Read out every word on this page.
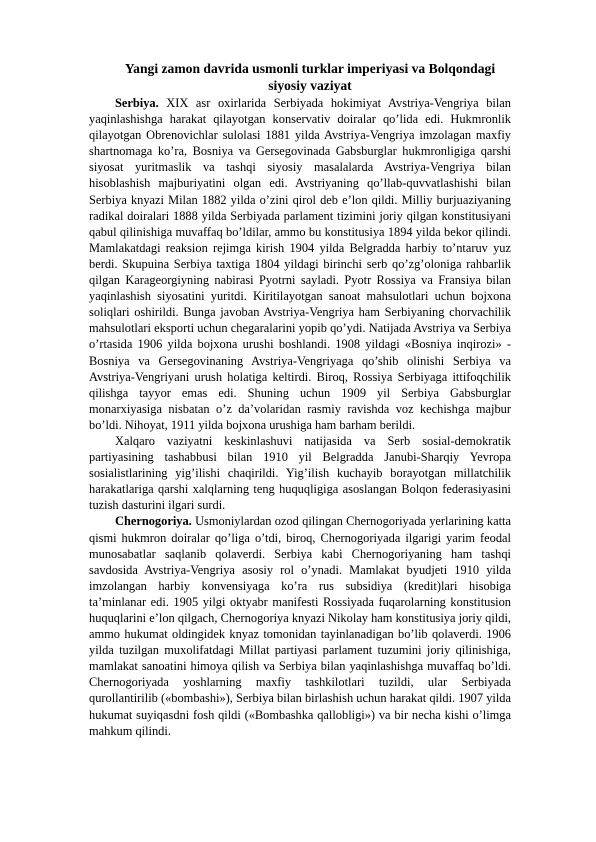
Yangi zamon davrida usmonli turklar imperiyasi va Bolqondagi siyosiy vaziyat

Serbiya. XIX asr oxirlarida Serbiyada hokimiyat Avstriya-Vengriya bilan yaqinlashishga harakat qilayotgan konservativ doiralar qo’lida edi. Hukmronlik qilayotgan Obrenovichlar sulolasi 1881 yilda Avstriya-Vengriya imzolagan maxfiy shartnomaga ko’ra, Bosniya va Gersegovinada Gabsburglar hukmronligiga qarshi siyosat yuritmaslik va tashqi siyosiy masalalarda Avstriya-Vengriya bilan hisoblashish majburiyatini olgan edi. Avstriyaning qo’llab-quvvatlashishi bilan Serbiya knyazi Milan 1882 yilda o’zini qirol deb e’lon qildi. Milliy burjuaziyaning radikal doiralari 1888 yilda Serbiyada parlament tizimini joriy qilgan konstitusiyani qabul qilinishiga muvaffaq bo’ldilar, ammo bu konstitusiya 1894 yilda bekor qilindi. Mamlakatdagi reaksion rejimga kirish 1904 yilda Belgradda harbiy to’ntaruv yuz berdi. Skupuina Serbiya taxtiga 1804 yildagi birinchi serb qo’zg’oloniga rahbarlik qilgan Karageorgiyning nabirasi Pyotrni sayladi. Pyotr Rossiya va Fransiya bilan yaqinlashish siyosatini yuritdi. Kiritilayotgan sanoat mahsulotlari uchun bojxona soliqlari oshirildi. Bunga javoban Avstriya-Vengriya ham Serbiyaning chorvachilik mahsulotlari eksporti uchun chegaralarini yopib qo’ydi. Natijada Avstriya va Serbiya o’rtasida 1906 yilda bojxona urushi boshlandi. 1908 yildagi «Bosniya inqirozi» - Bosniya va Gersegovinaning Avstriya-Vengriyaga qo’shib olinishi Serbiya va Avstriya-Vengriyani urush holatiga keltirdi. Biroq, Rossiya Serbiyaga ittifoqchilik qilishga tayyor emas edi. Shuning uchun 1909 yil Serbiya Gabsburglar monarxiyasiga nisbatan o’z da’volaridan rasmiy ravishda voz kechishga majbur bo’ldi. Nihoyat, 1911 yilda bojxona urushiga ham barham berildi.

Xalqaro vaziyatni keskinlashuvi natijasida va Serb sosial-demokratik partiyasining tashabbusi bilan 1910 yil Belgradda Janubi-Sharqiy Yevropa sosialistlarining yig’ilishi chaqirildi. Yig’ilish kuchayib borayotgan millatchilik harakatlariga qarshi xalqlarning teng huquqligiga asoslangan Bolqon federasiyasini tuzish dasturini ilgari surdi.

Chernogoriya. Usmoniylardan ozod qilingan Chernogoriyada yerlarining katta qismi hukmron doiralar qo’liga o’tdi, biroq, Chernogoriyada ilgarigi yarim feodal munosabatlar saqlanib qolaverdi. Serbiya kabi Chernogoriyaning ham tashqi savdosida Avstriya-Vengriya asosiy rol o’ynadi. Mamlakat byudjeti 1910 yilda imzolangan harbiy konvensiyaga ko’ra rus subsidiya (kredit)lari hisobiga ta’minlanar edi. 1905 yilgi oktyabr manifesti Rossiyada fuqarolarning konstitusion huquqlarini e’lon qilgach, Chernogoriya knyazi Nikolay ham konstitusiya joriy qildi, ammo hukumat oldingidek knyaz tomonidan tayinlanadigan bo’lib qolaverdi. 1906 yilda tuzilgan muxolifatdagi Millat partiyasi parlament tuzumini joriy qilinishiga, mamlakat sanoatini himoya qilish va Serbiya bilan yaqinlashishga muvaffaq bo’ldi. Chernogoriyada yoshlarning maxfiy tashkilotlari tuzildi, ular Serbiyada qurollantirilib («bombashi»), Serbiya bilan birlashish uchun harakat qildi. 1907 yilda hukumat suyiqasdni fosh qildi («Bombashka qallobligi») va bir necha kishi o’limga mahkum qilindi.
